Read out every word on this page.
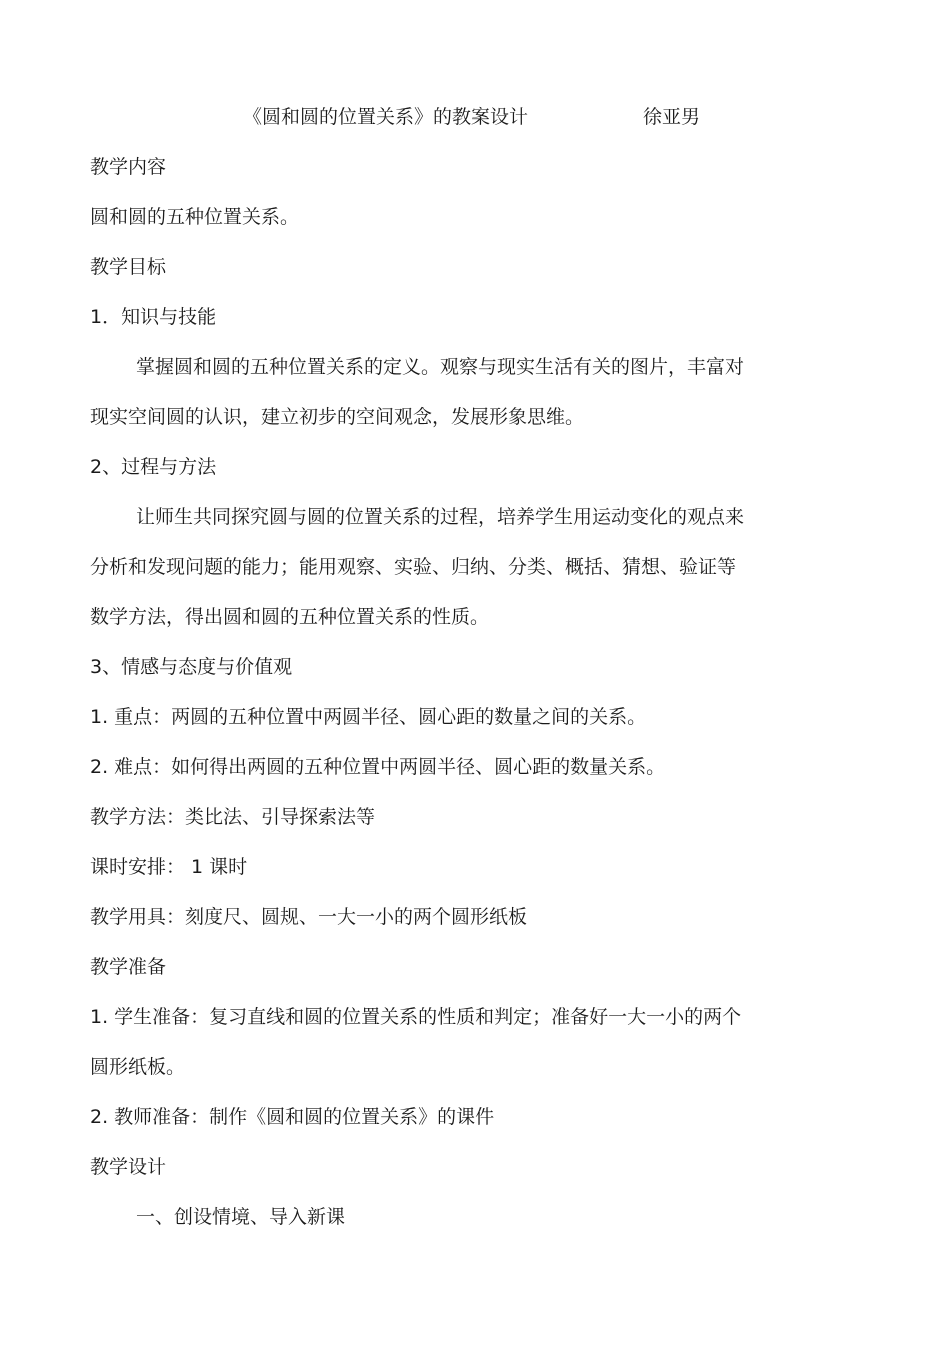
《圆和圆的位置关系》的教案设计	徐亚男
教学内容
圆和圆的五种位置关系。
教学目标
1．知识与技能
掌握圆和圆的五种位置关系的定义。观察与现实生活有关的图片，丰富对
现实空间圆的认识，建立初步的空间观念，发展形象思维。
2、过程与方法
让师生共同探究圆与圆的位置关系的过程，培养学生用运动变化的观点来
分析和发现问题的能力；能用观察、实验、归纳、分类、概括、猜想、验证等
数学方法，得出圆和圆的五种位置关系的性质。
3、情感与态度与价值观
1. 重点：两圆的五种位置中两圆半径、圆心距的数量之间的关系。
2. 难点：如何得出两圆的五种位置中两圆半径、圆心距的数量关系。
教学方法：类比法、引导探索法等
课时安排： 1 课时
教学用具：刻度尺、圆规、一大一小的两个圆形纸板
教学准备
1. 学生准备：复习直线和圆的位置关系的性质和判定；准备好一大一小的两个
圆形纸板。
2. 教师准备：制作《圆和圆的位置关系》的课件
教学设计
一、创设情境、导入新课
